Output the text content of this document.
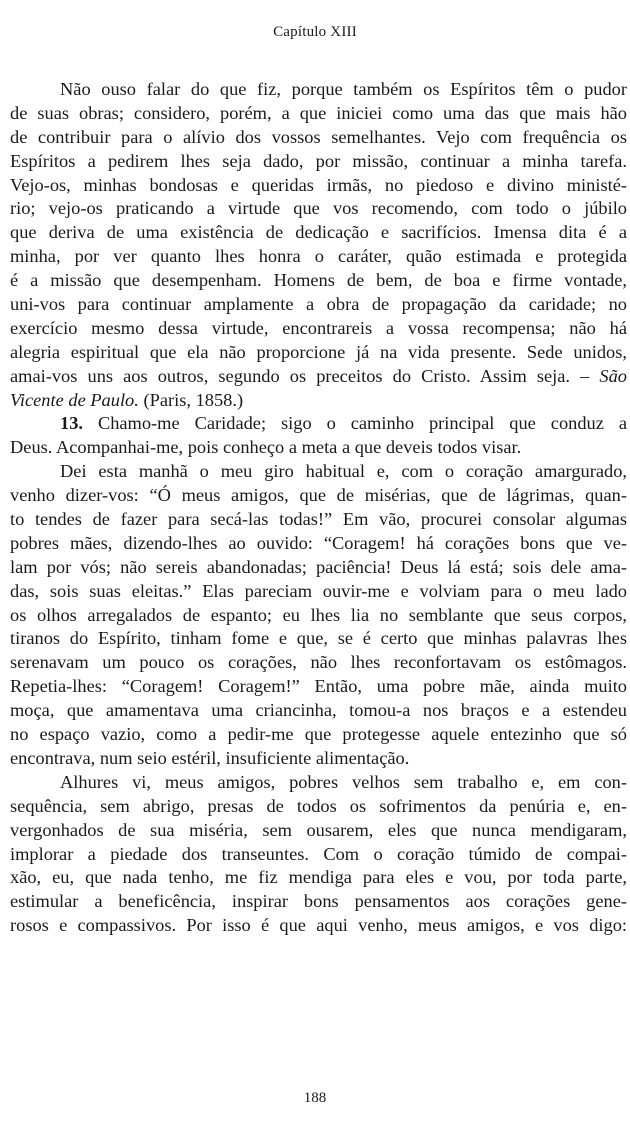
Capítulo XIII
Não ouso falar do que fiz, porque também os Espíritos têm o pudor
de suas obras; considero, porém, a que iniciei como uma das que mais hão
de contribuir para o alívio dos vossos semelhantes. Vejo com frequência os
Espíritos a pedirem lhes seja dado, por missão, continuar a minha tarefa.
Vejo-os, minhas bondosas e queridas irmãs, no piedoso e divino ministé-
rio; vejo-os praticando a virtude que vos recomendo, com todo o júbilo
que deriva de uma existência de dedicação e sacrifícios. Imensa dita é a
minha, por ver quanto lhes honra o caráter, quão estimada e protegida
é a missão que desempenham. Homens de bem, de boa e firme vontade,
uni-vos para continuar amplamente a obra de propagação da caridade; no
exercício mesmo dessa virtude, encontrareis a vossa recompensa; não há
alegria espiritual que ela não proporcione já na vida presente. Sede unidos,
amai-vos uns aos outros, segundo os preceitos do Cristo. Assim seja. – São
Vicente de Paulo. (Paris, 1858.)
13. Chamo-me Caridade; sigo o caminho principal que conduz a
Deus. Acompanhai-me, pois conheço a meta a que deveis todos visar.
Dei esta manhã o meu giro habitual e, com o coração amargurado,
venho dizer-vos: “Ó meus amigos, que de misérias, que de lágrimas, quan-
to tendes de fazer para secá-las todas!” Em vão, procurei consolar algumas
pobres mães, dizendo-lhes ao ouvido: “Coragem! há corações bons que ve-
lam por vós; não sereis abandonadas; paciência! Deus lá está; sois dele ama-
das, sois suas eleitas.” Elas pareciam ouvir-me e volviam para o meu lado
os olhos arregalados de espanto; eu lhes lia no semblante que seus corpos,
tiranos do Espírito, tinham fome e que, se é certo que minhas palavras lhes
serenavam um pouco os corações, não lhes reconfortavam os estômagos.
Repetia-lhes: “Coragem! Coragem!” Então, uma pobre mãe, ainda muito
moça, que amamentava uma criancinha, tomou-a nos braços e a estendeu
no espaço vazio, como a pedir-me que protegesse aquele entezinho que só
encontrava, num seio estéril, insuficiente alimentação.
Alhures vi, meus amigos, pobres velhos sem trabalho e, em con-
sequência, sem abrigo, presas de todos os sofrimentos da penúria e, en-
vergonhados de sua miséria, sem ousarem, eles que nunca mendigaram,
implorar a piedade dos transeuntes. Com o coração túmido de compai-
xão, eu, que nada tenho, me fiz mendiga para eles e vou, por toda parte,
estimular a beneficência, inspirar bons pensamentos aos corações gene-
rosos e compassivos. Por isso é que aqui venho, meus amigos, e vos digo:
188
